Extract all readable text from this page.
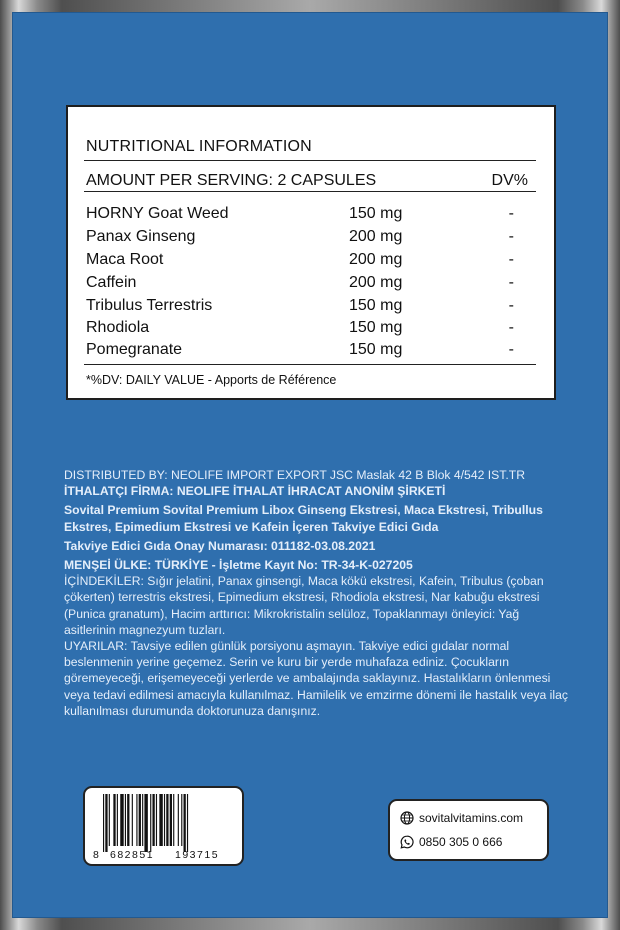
NUTRITIONAL INFORMATION
AMOUNT PER SERVING: 2 CAPSULES	DV%
HORNY Goat Weed	150 mg	-
Panax Ginseng	200 mg	-
Maca Root	200 mg	-
Caffein	200 mg	-
Tribulus Terrestris	150 mg	-
Rhodiola	150 mg	-
Pomegranate	150 mg	-
*%DV: DAILY VALUE - Apports de Référence

DISTRIBUTED BY: NEOLIFE IMPORT EXPORT JSC Maslak 42 B Blok 4/542 IST.TR

İTHALATÇI FİRMA: NEOLIFE İTHALAT İHRACAT ANONİM ŞİRKETİ

Sovital Premium Sovital Premium Libox Ginseng Ekstresi, Maca Ekstresi, Tribullus Ekstres, Epimedium Ekstresi ve Kafein İçeren Takviye Edici Gıda

Takviye Edici Gıda Onay Numarası: 011182-03.08.2021

MENŞEİ ÜLKE: TÜRKİYE - İşletme Kayıt No: TR-34-K-027205

İÇİNDEKİLER: Sığır jelatini, Panax ginsengi, Maca kökü ekstresi, Kafein, Tribulus (çoban çökerten) terrestris ekstresi, Epimedium ekstresi, Rhodiola ekstresi, Nar kabuğu ekstresi (Punica granatum), Hacim arttırıcı: Mikrokristalin selüloz, Topaklanmayı önleyici: Yağ asitlerinin magnezyum tuzları.

UYARILAR: Tavsiye edilen günlük porsiyonu aşmayın. Takviye edici gıdalar normal beslenmenin yerine geçemez. Serin ve kuru bir yerde muhafaza ediniz. Çocukların göremeyeceği, erişemeyeceği yerlerde ve ambalajında saklayınız. Hastalıkların önlenmesi veya tedavi edilmesi amacıyla kullanılmaz. Hamilelik ve emzirme dönemi ile hastalık veya ilaç kullanılması durumunda doktorunuza danışınız.

8 682851 193715
sovitalvitamins.com
0850 305 0 666
